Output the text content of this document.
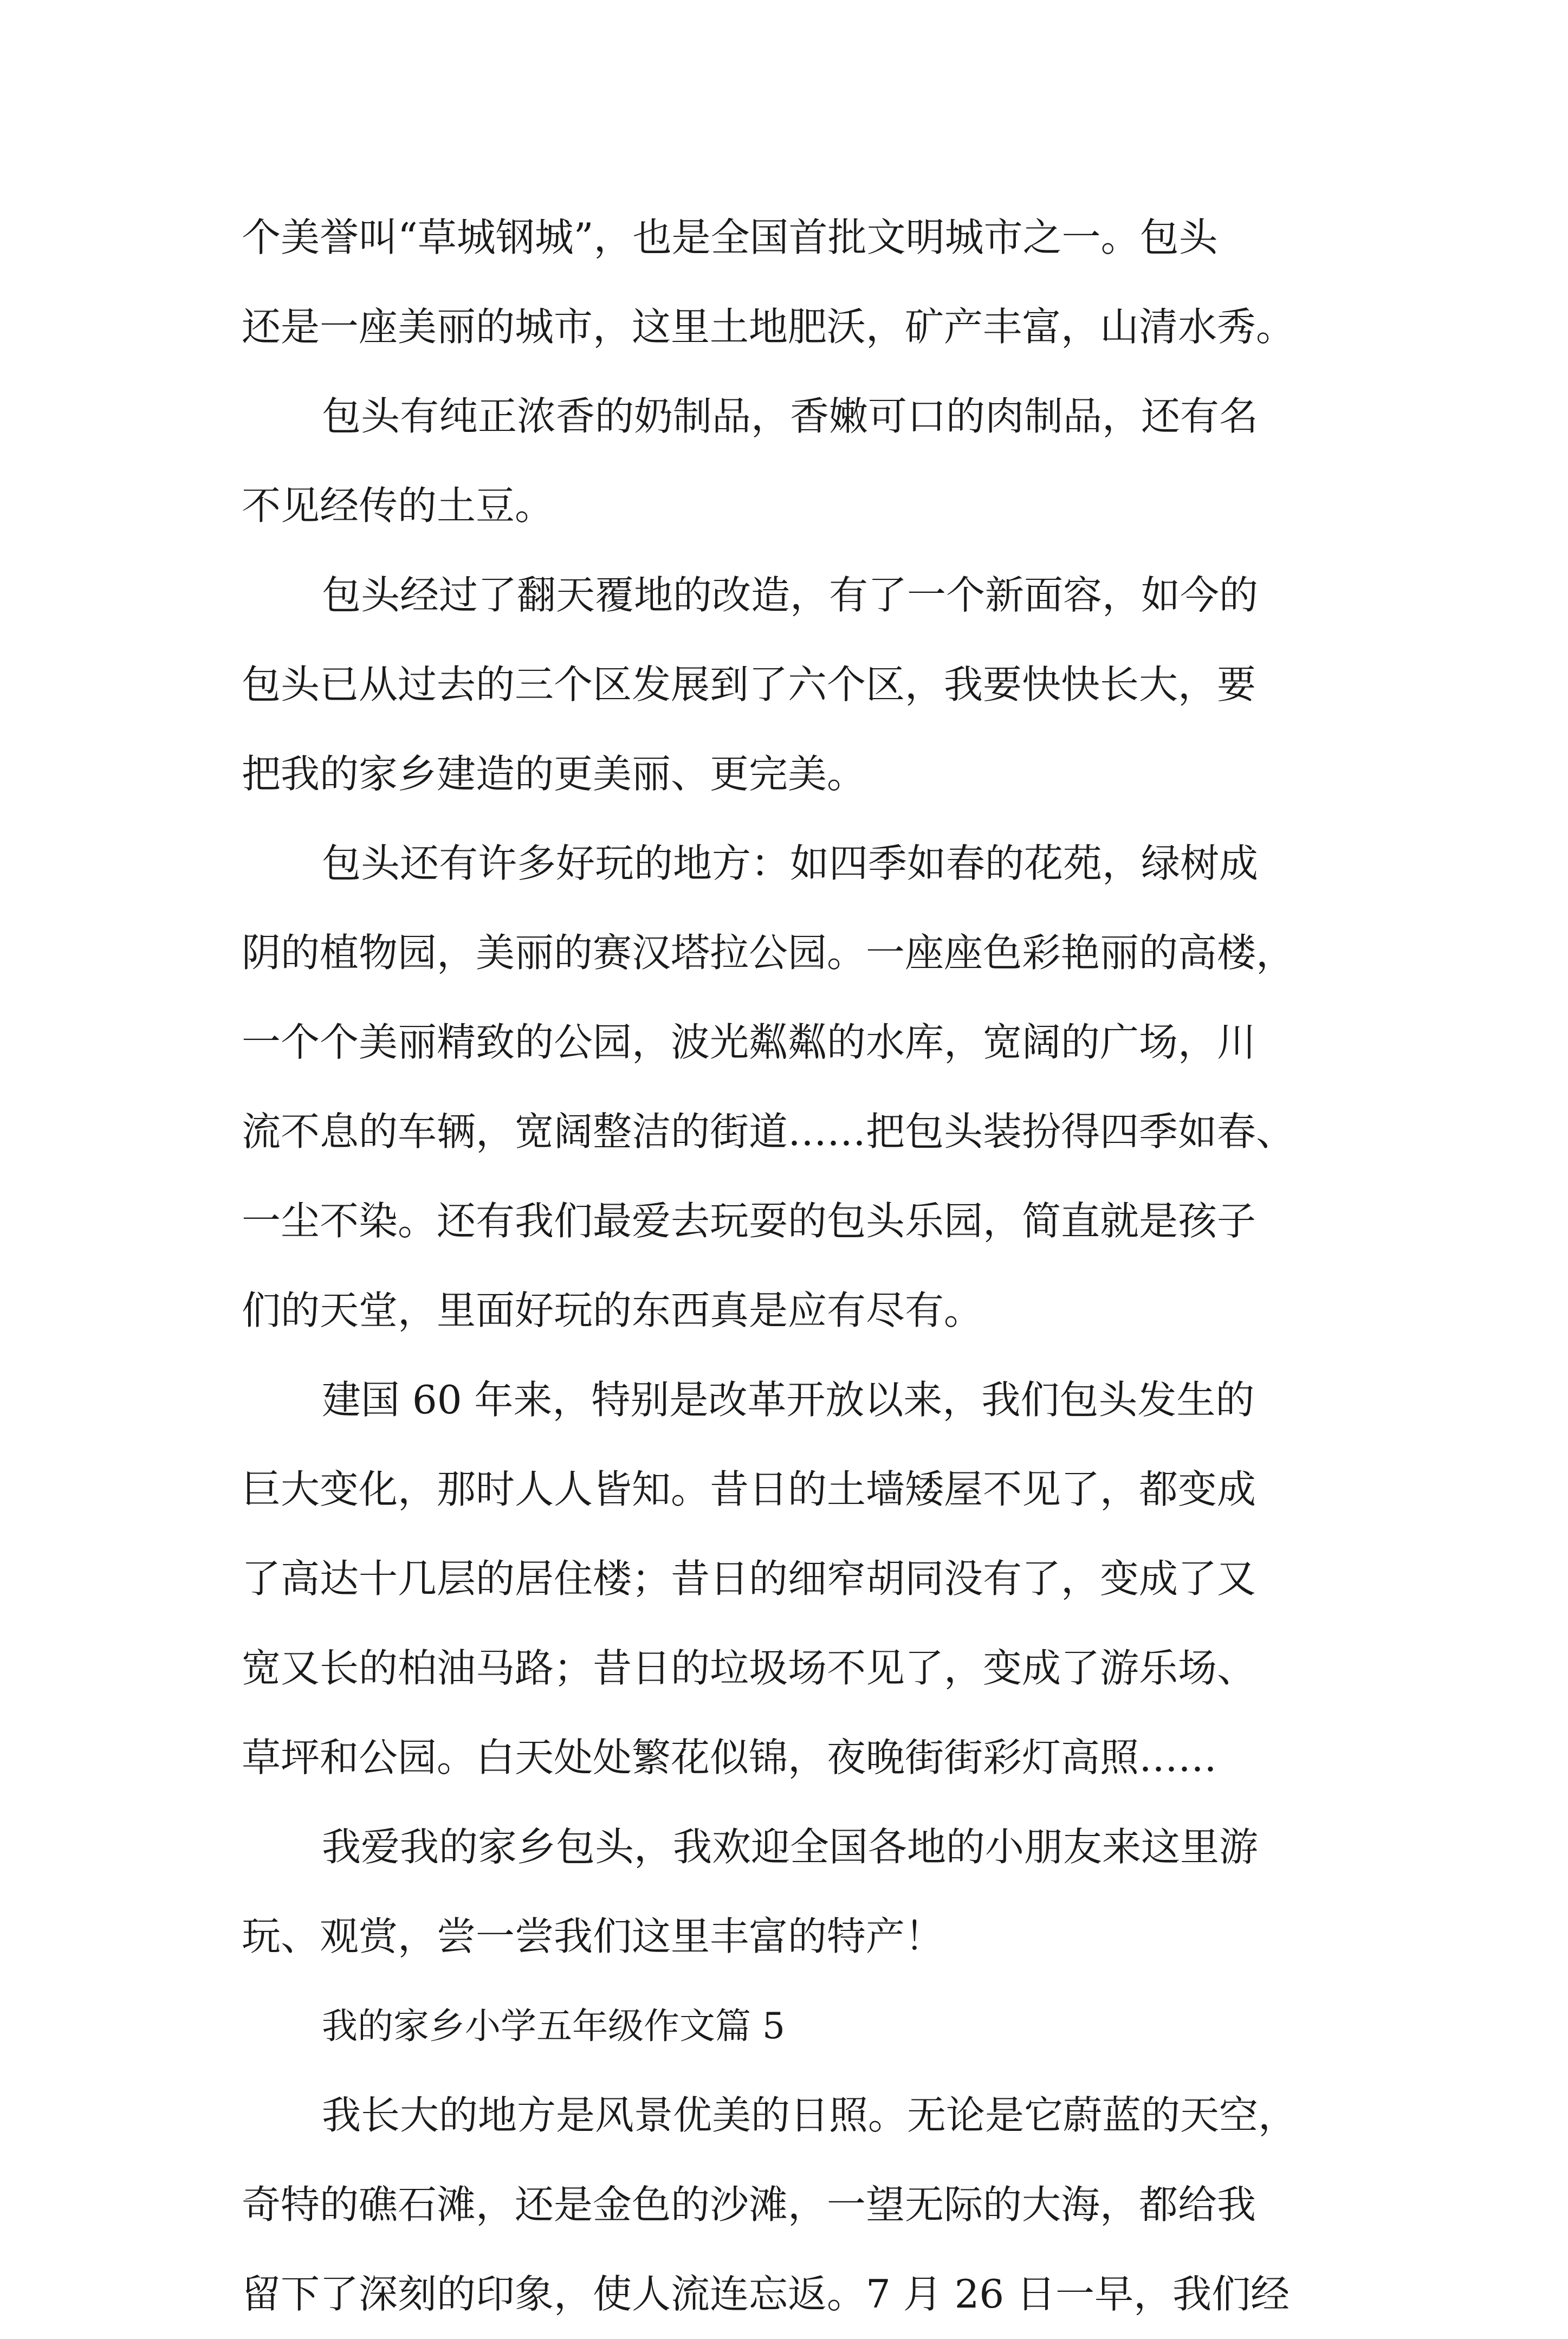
个美誉叫“草城钢城”，也是全国首批文明城市之一。包头
还是一座美丽的城市，这里土地肥沃，矿产丰富，山清水秀。
包头有纯正浓香的奶制品，香嫩可口的肉制品，还有名
不见经传的土豆。
包头经过了翻天覆地的改造，有了一个新面容，如今的
包头已从过去的三个区发展到了六个区，我要快快长大，要
把我的家乡建造的更美丽、更完美。
包头还有许多好玩的地方：如四季如春的花苑，绿树成
阴的植物园，美丽的赛汉塔拉公园。一座座色彩艳丽的高楼，
一个个美丽精致的公园，波光粼粼的水库，宽阔的广场，川
流不息的车辆，宽阔整洁的街道……把包头装扮得四季如春、
一尘不染。还有我们最爱去玩耍的包头乐园，简直就是孩子
们的天堂，里面好玩的东西真是应有尽有。
建国 60 年来，特别是改革开放以来，我们包头发生的
巨大变化，那时人人皆知。昔日的土墙矮屋不见了，都变成
了高达十几层的居住楼；昔日的细窄胡同没有了，变成了又
宽又长的柏油马路；昔日的垃圾场不见了，变成了游乐场、
草坪和公园。白天处处繁花似锦，夜晚街街彩灯高照……
我爱我的家乡包头，我欢迎全国各地的小朋友来这里游
玩、观赏，尝一尝我们这里丰富的特产！
我的家乡小学五年级作文篇 5
我长大的地方是风景优美的日照。无论是它蔚蓝的天空，
奇特的礁石滩，还是金色的沙滩，一望无际的大海，都给我
留下了深刻的印象，使人流连忘返。7 月 26 日一早，我们经
